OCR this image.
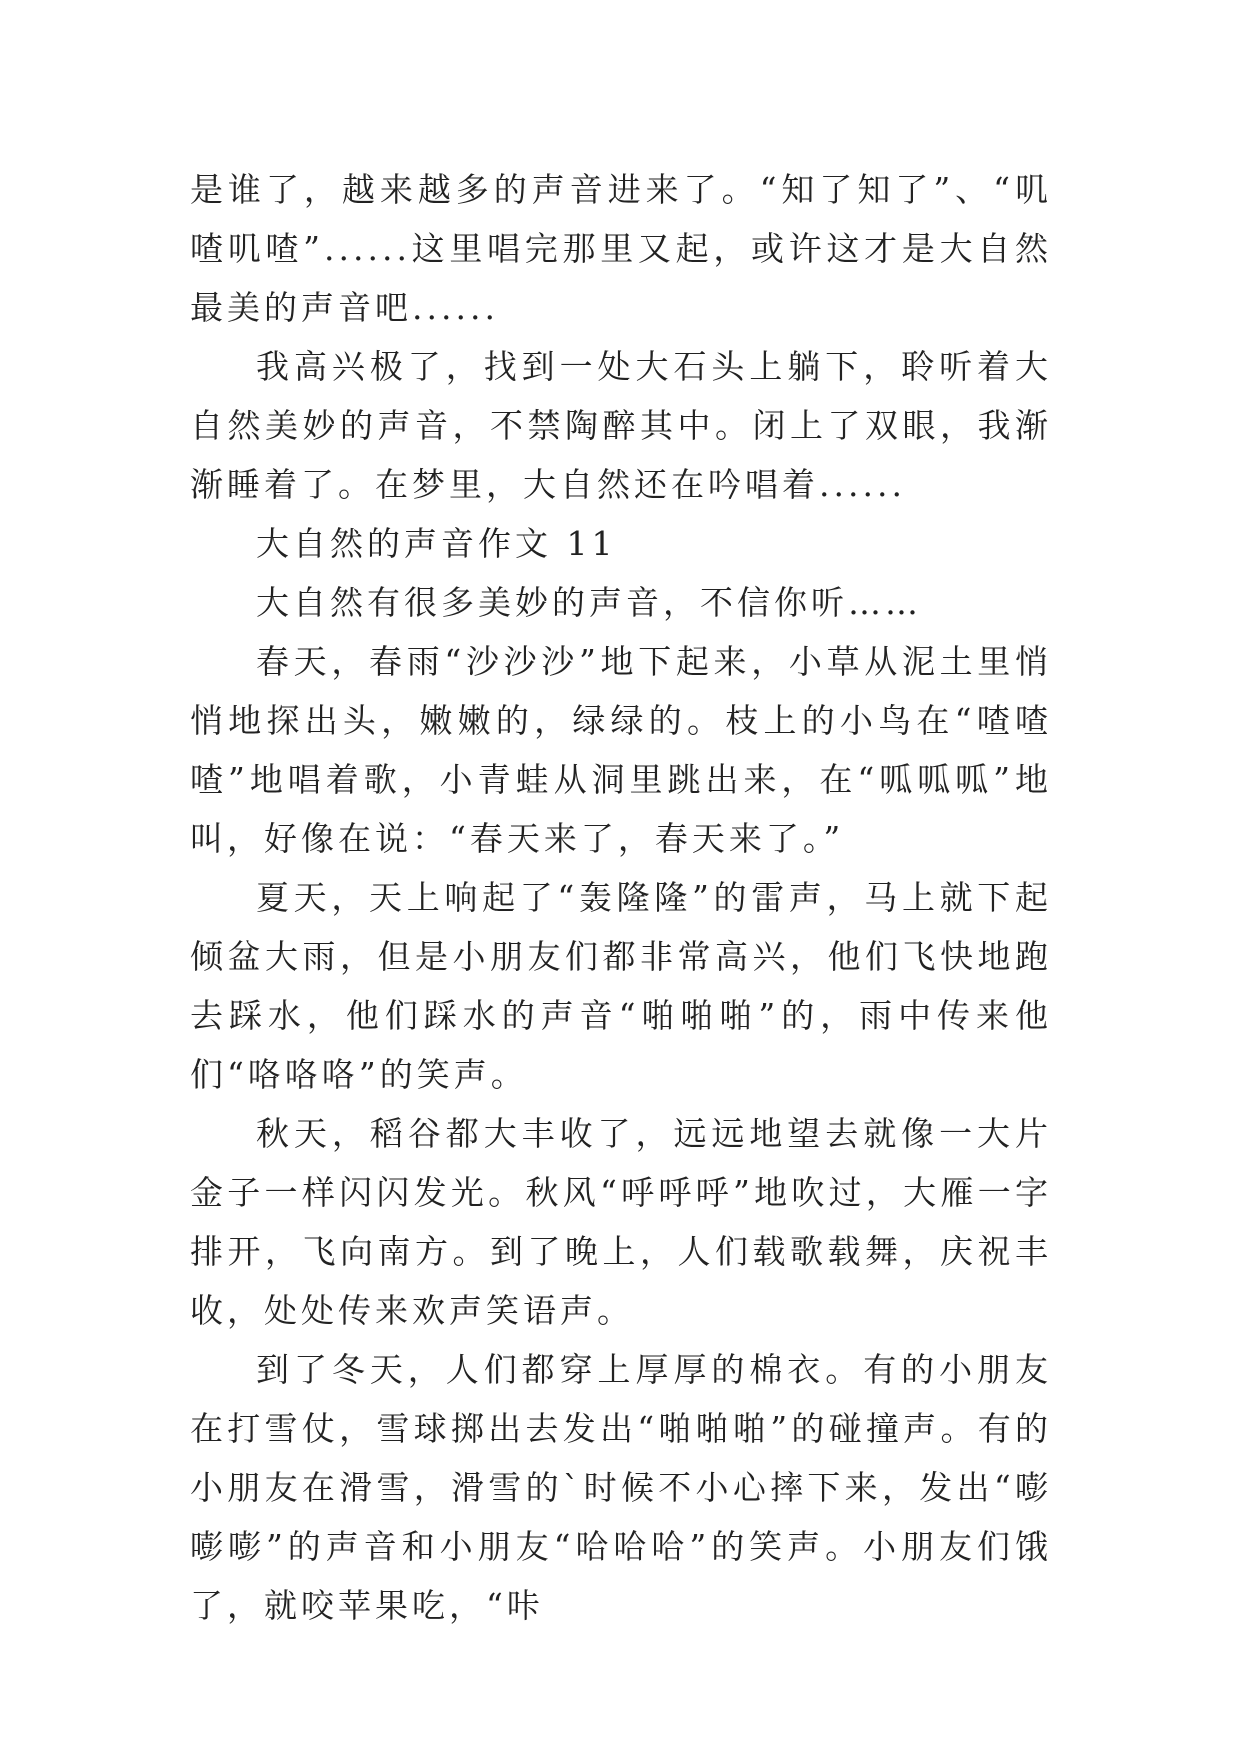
是谁了，越来越多的声音进来了。“知了知了”、“叽喳叽喳”......这里唱完那里又起，或许这才是大自然最美的声音吧......

我高兴极了，找到一处大石头上躺下，聆听着大自然美妙的声音，不禁陶醉其中。闭上了双眼，我渐渐睡着了。在梦里，大自然还在吟唱着......

大自然的声音作文 11

大自然有很多美妙的声音，不信你听……

春天，春雨“沙沙沙”地下起来，小草从泥土里悄悄地探出头，嫩嫩的，绿绿的。枝上的小鸟在“喳喳喳”地唱着歌，小青蛙从洞里跳出来，在“呱呱呱”地叫，好像在说：“春天来了，春天来了。”

夏天，天上响起了“轰隆隆”的雷声，马上就下起倾盆大雨，但是小朋友们都非常高兴，他们飞快地跑去踩水，他们踩水的声音“啪啪啪”的，雨中传来他们“咯咯咯”的笑声。

秋天，稻谷都大丰收了，远远地望去就像一大片金子一样闪闪发光。秋风“呼呼呼”地吹过，大雁一字排开，飞向南方。到了晚上，人们载歌载舞，庆祝丰收，处处传来欢声笑语声。

到了冬天，人们都穿上厚厚的棉衣。有的小朋友在打雪仗，雪球掷出去发出“啪啪啪”的碰撞声。有的小朋友在滑雪，滑雪的`时候不小心摔下来，发出“嘭嘭嘭”的声音和小朋友“哈哈哈”的笑声。小朋友们饿了，就咬苹果吃，“咔
